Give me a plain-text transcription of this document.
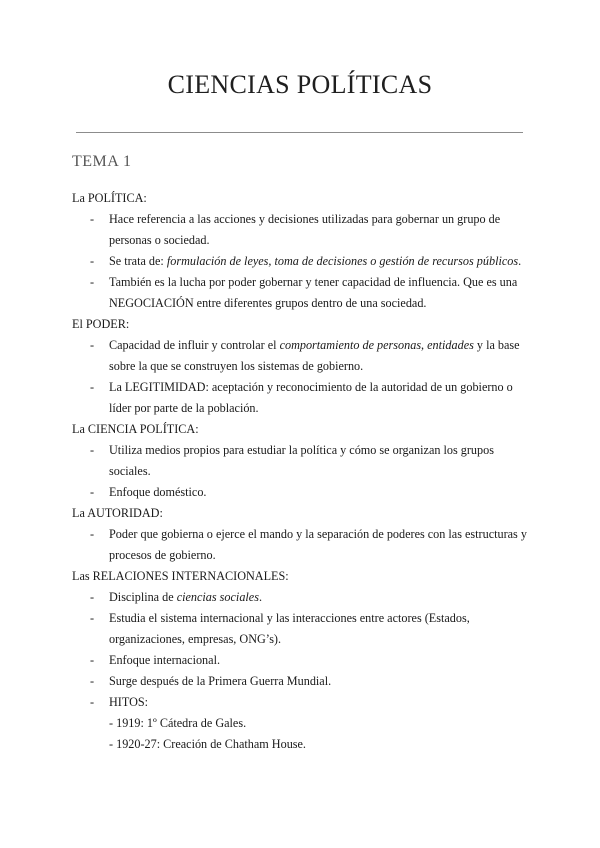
CIENCIAS POLÍTICAS
TEMA 1

La POLÍTICA:

- Hace referencia a las acciones y decisiones utilizadas para gobernar un grupo de personas o sociedad.

- Se trata de: formulación de leyes, toma de decisiones o gestión de recursos públicos.

- También es la lucha por poder gobernar y tener capacidad de influencia. Que es una NEGOCIACIÓN entre diferentes grupos dentro de una sociedad.

El PODER:

- Capacidad de influir y controlar el comportamiento de personas, entidades y la base sobre la que se construyen los sistemas de gobierno.

- La LEGITIMIDAD: aceptación y reconocimiento de la autoridad de un gobierno o líder por parte de la población.

La CIENCIA POLÍTICA:

- Utiliza medios propios para estudiar la política y cómo se organizan los grupos sociales.

- Enfoque doméstico.

La AUTORIDAD:

- Poder que gobierna o ejerce el mando y la separación de poderes con las estructuras y procesos de gobierno.

Las RELACIONES INTERNACIONALES:

- Disciplina de ciencias sociales.

- Estudia el sistema internacional y las interacciones entre actores (Estados, organizaciones, empresas, ONG’s).

- Enfoque internacional.

- Surge después de la Primera Guerra Mundial.

- HITOS:

- 1919: 1º Cátedra de Gales.

- 1920-27: Creación de Chatham House.
